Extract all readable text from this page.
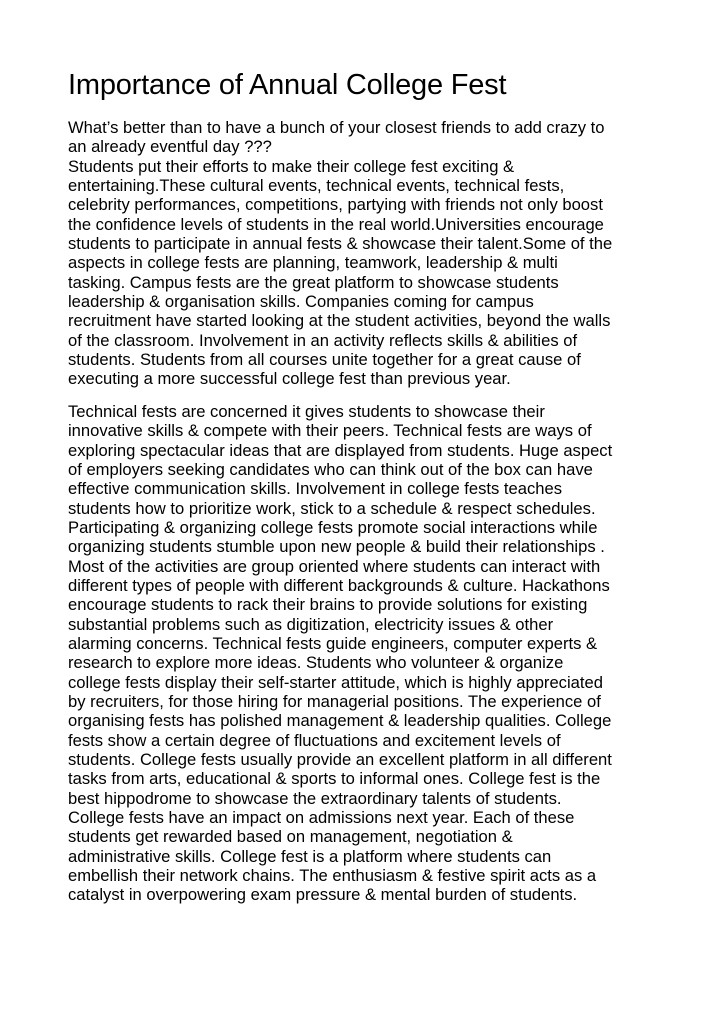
Importance of Annual College Fest

What’s better than to have a bunch of your closest friends to add crazy to
an already eventful day ???
Students put their efforts to make their college fest exciting &
entertaining.These cultural events, technical events, technical fests,
celebrity performances, competitions, partying with friends not only boost
the confidence levels of students in the real world.Universities encourage
students to participate in annual fests & showcase their talent.Some of the
aspects in college fests are planning, teamwork, leadership & multi
tasking. Campus fests are the great platform to showcase students
leadership & organisation skills. Companies coming for campus
recruitment have started looking at the student activities, beyond the walls
of the classroom. Involvement in an activity reflects skills & abilities of
students. Students from all courses unite together for a great cause of
executing a more successful college fest than previous year.

Technical fests are concerned it gives students to showcase their
innovative skills & compete with their peers. Technical fests are ways of
exploring spectacular ideas that are displayed from students. Huge aspect
of employers seeking candidates who can think out of the box can have
effective communication skills. Involvement in college fests teaches
students how to prioritize work, stick to a schedule & respect schedules.
Participating & organizing college fests promote social interactions while
organizing students stumble upon new people & build their relationships .
Most of the activities are group oriented where students can interact with
different types of people with different backgrounds & culture. Hackathons
encourage students to rack their brains to provide solutions for existing
substantial problems such as digitization, electricity issues & other
alarming concerns. Technical fests guide engineers, computer experts &
research to explore more ideas. Students who volunteer & organize
college fests display their self-starter attitude, which is highly appreciated
by recruiters, for those hiring for managerial positions. The experience of
organising fests has polished management & leadership qualities. College
fests show a certain degree of fluctuations and excitement levels of
students. College fests usually provide an excellent platform in all different
tasks from arts, educational & sports to informal ones. College fest is the
best hippodrome to showcase the extraordinary talents of students.
College fests have an impact on admissions next year. Each of these
students get rewarded based on management, negotiation &
administrative skills. College fest is a platform where students can
embellish their network chains. The enthusiasm & festive spirit acts as a
catalyst in overpowering exam pressure & mental burden of students.
